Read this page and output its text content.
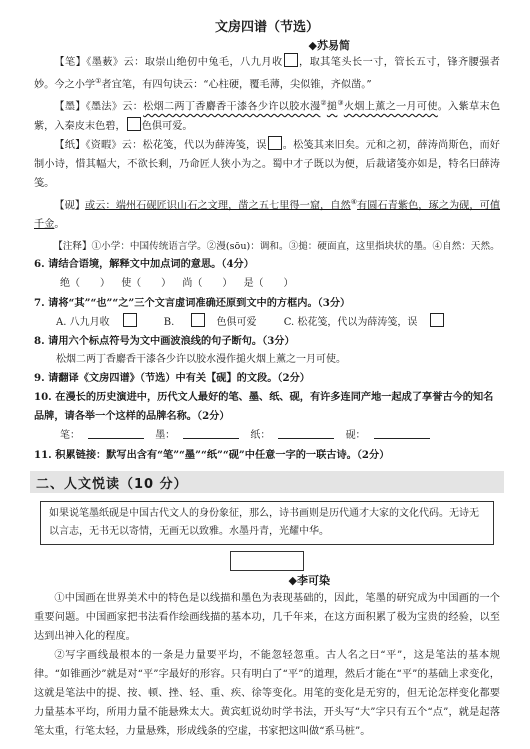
文房四谱（节选）
◆苏易简

【笔】《墨薮》云：取崇山绝仞中兔毛，八九月收 ，取其笔头长一寸，管长五寸，锋齐腰强者妙。今之小学①者宜笔，有四句诀云：“心柱硬，覆毛薄，尖似锥，齐似凿。”

【墨】《墨法》云：松烟二两丁香麝香干漆各少许以胶水漫②搥③火烟上薰之一月可使。入紫草末色紫，入秦皮末色碧， 色俱可爱。

【纸】《资暇》云：松花笺，代以为薛涛笺，误 。松笺其来旧矣。元和之初，薛涛尚斯色，而好制小诗，惜其幅大，不欲长剩，乃命匠人狭小为之。蜀中才子既以为便，后裁诸笺亦如是，特名曰薛涛笺。

【砚】或云：端州石砚匠识山石之文理，凿之五七里得一窟，自然④有圆石青紫色，琢之为砚，可值千金。

【注释】①小学：中国传统语言学。②漫(sōu)：调和。③搥：硬面直，这里指块状的墨。④自然：天然。

6. 请结合语境，解释文中加点词的意思。（4分）
绝（　　） 使（　　） 尚（　　） 是（　　）
7. 请将“其”“也”“之”三个文言虚词准确还原到文中的方框内。（3分）
A. 八九月收	B.	色俱可爱	C. 松花笺，代以为薛涛笺，误
8. 请用六个标点符号为文中画波浪线的句子断句。（3分）
松烟二两丁香麝香干漆各少许以胶水漫作搥火烟上薰之一月可使。
9. 请翻译《文房四谱》（节选）中有关【砚】的文段。（2分）
10. 在漫长的历史演进中，历代文人最好的笔、墨、纸、砚，有许多连同产地一起成了享誉古今的知名品牌，请各举一个这样的品牌名称。（2分）
笔：	墨：	纸：	砚：
11. 积累链接：默写出含有“笔”“墨”“纸”“砚”中任意一字的一联古诗。（2分）
二、人文悦读（10 分）
如果说笔墨纸砚是中国古代文人的身份象征，那么，诗书画则是历代通才大家的文化代码。无诗无以言志，无书无以寄情，无画无以致雅。水墨丹青，光耀中华。
◆李可染

①中国画在世界美术中的特色是以线描和墨色为表现基础的，因此，笔墨的研究成为中国画的一个重要问题。中国画家把书法看作绘画线描的基本功，几千年来，在这方面积累了极为宝贵的经验，以至达到出神入化的程度。

②写字画线最根本的一条是力量要平均，不能忽轻忽重。古人名之曰“平”，这是笔法的基本规律。“如锥画沙”就是对“平”字最好的形容。只有明白了“平”的道理，然后才能在“平”的基础上求变化，这就是笔法中的提、按、顿、挫、轻、重、疾、徐等变化。用笔的变化是无穷的，但无论怎样变化都要力量基本平均，所用力量不能悬殊太大。黄宾虹说幼时学书法，开头写“大”字只有五个“点”，就是起落笔太重，行笔太轻，力量悬殊，形成线条的空虚，书家把这叫做“系马桩”。
